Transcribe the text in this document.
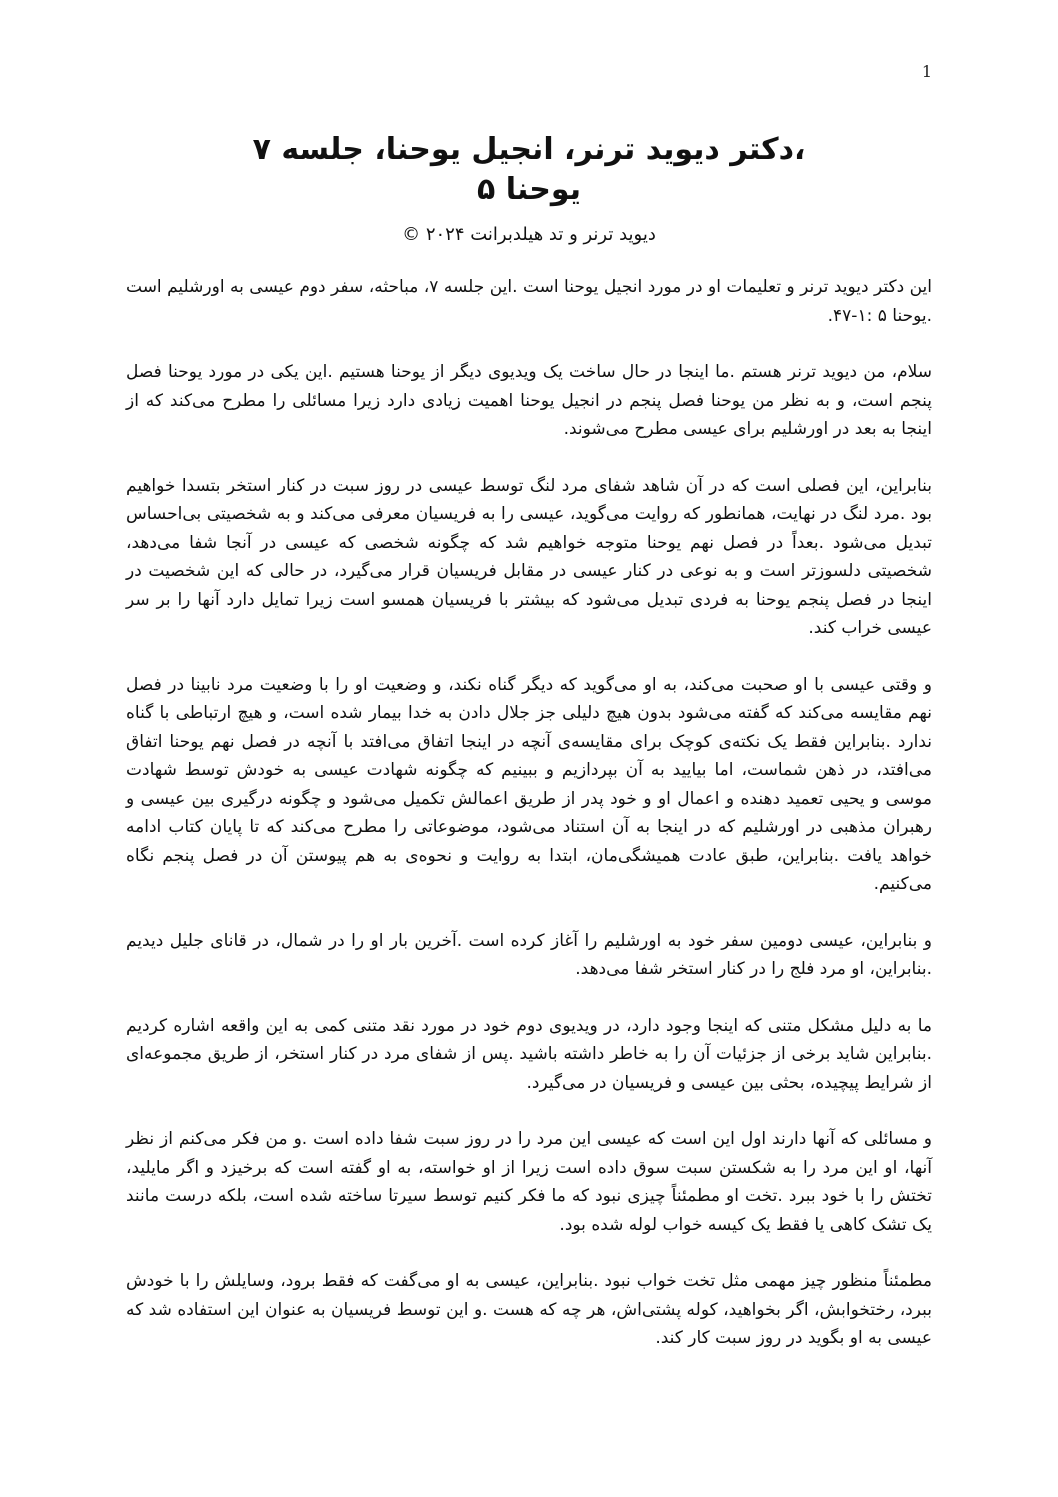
1
،دکتر دیوید ترنر، انجیل یوحنا، جلسه ۷
یوحنا ۵
دیوید ترنر و تد هیلدبرانت ۲۰۲۴ ©

این دکتر دیوید ترنر و تعلیمات او در مورد انجیل یوحنا است .این جلسه ۷، مباحثه، سفر دوم عیسی به اورشلیم است .یوحنا ۵ :۱-۴۷.

سلام، من دیوید ترنر هستم .ما اینجا در حال ساخت یک ویدیوی دیگر از یوحنا هستیم .این یکی در مورد یوحنا فصل پنجم است، و به نظر من یوحنا فصل پنجم در انجیل یوحنا اهمیت زیادی دارد زیرا مسائلی را مطرح می‌کند که از اینجا به بعد در اورشلیم برای عیسی مطرح می‌شوند.

بنابراین، این فصلی است که در آن شاهد شفای مرد لنگ توسط عیسی در روز سبت در کنار استخر بتسدا خواهیم بود .مرد لنگ در نهایت، همانطور که روایت می‌گوید، عیسی را به فریسیان معرفی می‌کند و به شخصیتی بی‌احساس تبدیل می‌شود .بعداً در فصل نهم یوحنا متوجه خواهیم شد که چگونه شخصی که عیسی در آنجا شفا می‌دهد، شخصیتی دلسوزتر است و به نوعی در کنار عیسی در مقابل فریسیان قرار می‌گیرد، در حالی که این شخصیت در اینجا در فصل پنجم یوحنا به فردی تبدیل می‌شود که بیشتر با فریسیان همسو است زیرا تمایل دارد آنها را بر سر عیسی خراب کند.

و وقتی عیسی با او صحبت می‌کند، به او می‌گوید که دیگر گناه نکند، و وضعیت او را با وضعیت مرد نابینا در فصل نهم مقایسه می‌کند که گفته می‌شود بدون هیچ دلیلی جز جلال دادن به خدا بیمار شده است، و هیچ ارتباطی با گناه ندارد .بنابراین فقط یک نکته‌ی کوچک برای مقایسه‌ی آنچه در اینجا اتفاق می‌افتد با آنچه در فصل نهم یوحنا اتفاق می‌افتد، در ذهن شماست، اما بیایید به آن بپردازیم و ببینیم که چگونه شهادت عیسی به خودش توسط شهادت موسی و یحیی تعمید دهنده و اعمال او و خود پدر از طریق اعمالش تکمیل می‌شود و چگونه درگیری بین عیسی و رهبران مذهبی در اورشلیم که در اینجا به آن استناد می‌شود، موضوعاتی را مطرح می‌کند که تا پایان کتاب ادامه خواهد یافت .بنابراین، طبق عادت همیشگی‌مان، ابتدا به روایت و نحوه‌ی به هم پیوستن آن در فصل پنجم نگاه می‌کنیم.

و بنابراین، عیسی دومین سفر خود به اورشلیم را آغاز کرده است .آخرین بار او را در شمال، در قانای جلیل دیدیم .بنابراین، او مرد فلج را در کنار استخر شفا می‌دهد.

ما به دلیل مشکل متنی که اینجا وجود دارد، در ویدیوی دوم خود در مورد نقد متنی کمی به این واقعه اشاره کردیم .بنابراین شاید برخی از جزئیات آن را به خاطر داشته باشید .پس از شفای مرد در کنار استخر، از طریق مجموعه‌ای از شرایط پیچیده، بحثی بین عیسی و فریسیان در می‌گیرد.

و مسائلی که آنها دارند اول این است که عیسی این مرد را در روز سبت شفا داده است .و من فکر می‌کنم از نظر آنها، او این مرد را به شکستن سبت سوق داده است زیرا از او خواسته، به او گفته است که برخیزد و اگر مایلید، تختش را با خود ببرد .تخت او مطمئناً چیزی نبود که ما فکر کنیم توسط سیرتا ساخته شده است، بلکه درست مانند یک تشک کاهی یا فقط یک کیسه خواب لوله شده بود.

مطمئناً منظور چیز مهمی مثل تخت خواب نبود .بنابراین، عیسی به او می‌گفت که فقط برود، وسایلش را با خودش ببرد، رختخوابش، اگر بخواهید، کوله پشتی‌اش، هر چه که هست .و این توسط فریسیان به عنوان این استفاده شد که عیسی به او بگوید در روز سبت کار کند.
